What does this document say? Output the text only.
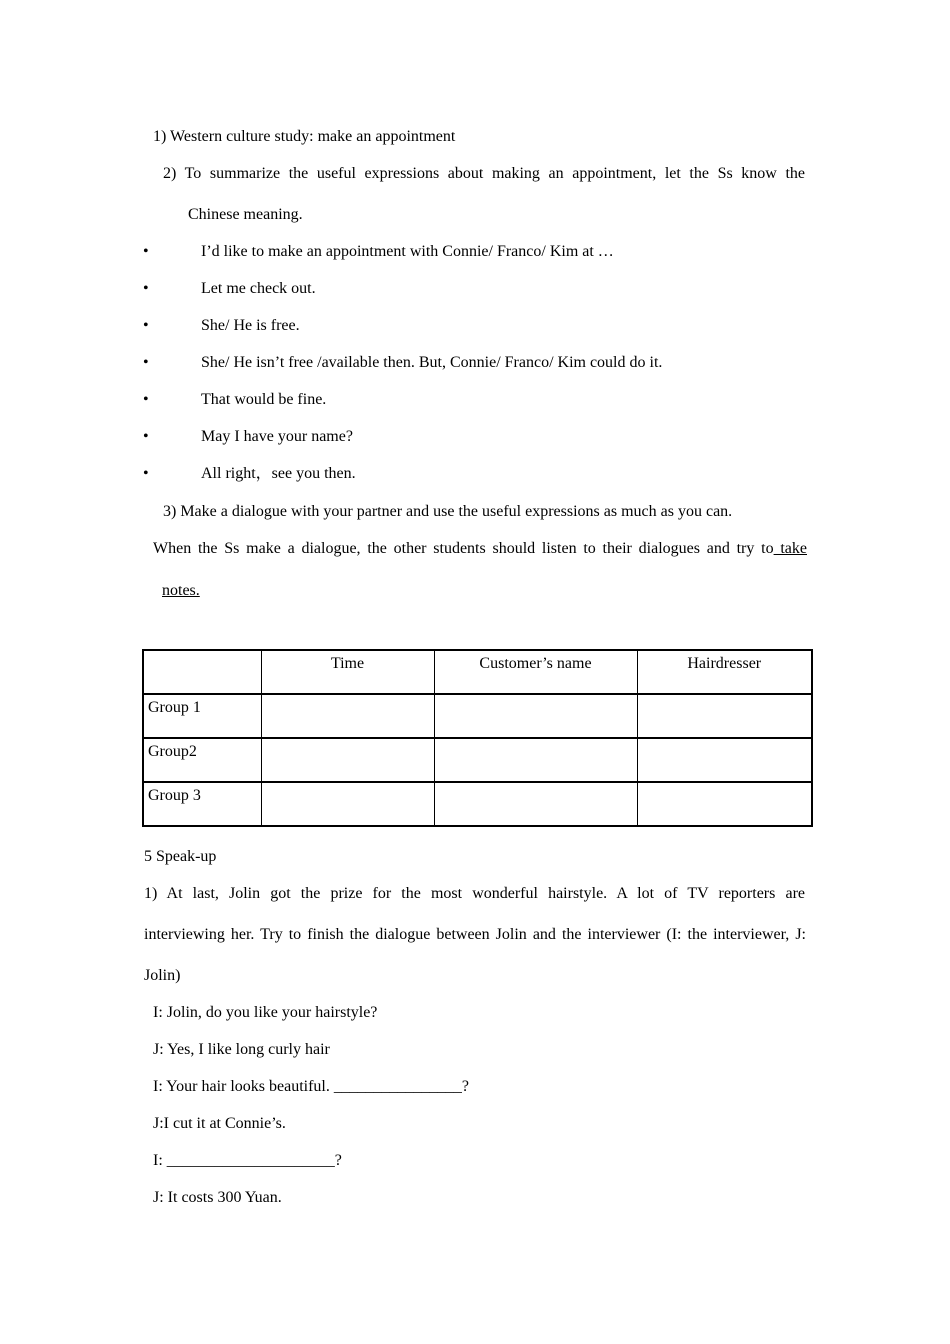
1) Western culture study: make an appointment
2) To summarize the useful expressions about making an appointment, let the Ss know the
Chinese meaning.
•	I’d like to make an appointment with Connie/ Franco/ Kim at …
•	Let me check out.
•	She/ He is free.
•	She/ He isn’t free /available then. But, Connie/ Franco/ Kim could do it.
•	That would be fine.
•	May I have your name?
•	All right，see you then.
3) Make a dialogue with your partner and use the useful expressions as much as you can.
When the Ss make a dialogue, the other students should listen to their dialogues and try to take
notes.
	Time	Customer’s name	Hairdresser
Group 1			
Group2			
Group 3			
5 Speak-up
1) At last, Jolin got the prize for the most wonderful hairstyle. A lot of TV reporters are
interviewing her. Try to finish the dialogue between Jolin and the interviewer (I: the interviewer, J:
Jolin)
I: Jolin, do you like your hairstyle?
J: Yes, I like long curly hair
I: Your hair looks beautiful. ________________?
J:I cut it at Connie’s.
I: _____________________?
J: It costs 300 Yuan.
